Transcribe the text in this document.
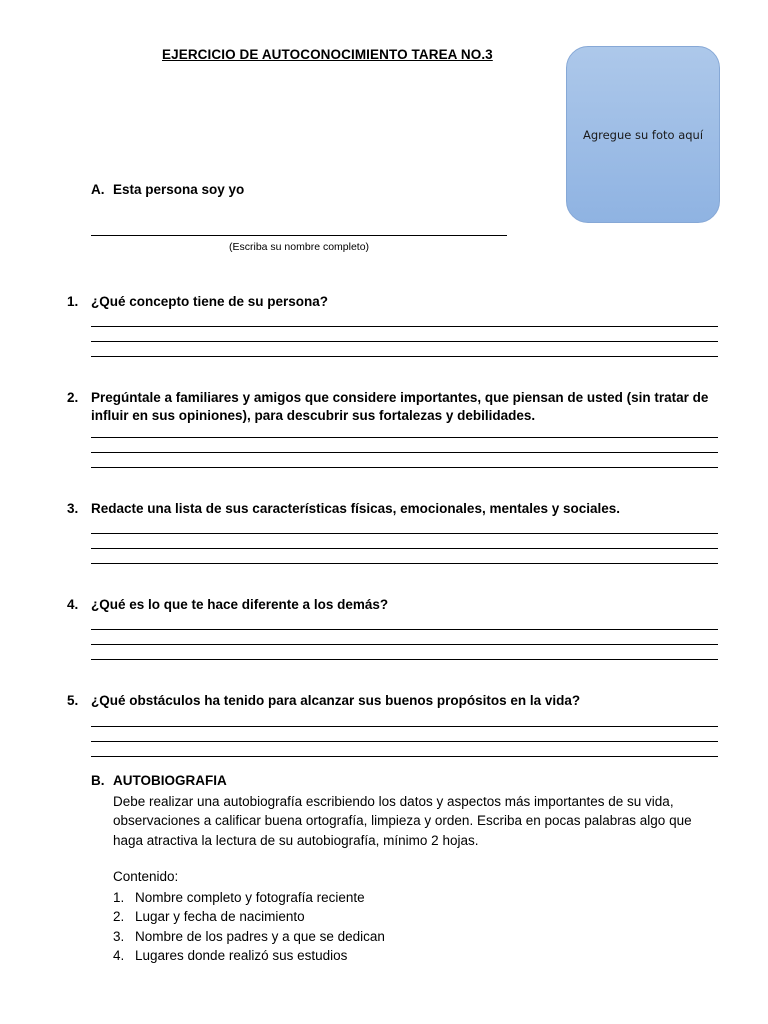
EJERCICIO DE AUTOCONOCIMIENTO TAREA NO.3
Agregue su foto aquí
A. Esta persona soy yo
(Escriba su nombre completo)
1. ¿Qué concepto tiene de su persona?
2. Pregúntale a familiares y amigos que considere importantes, que piensan de usted (sin tratar de influir en sus opiniones), para descubrir sus fortalezas y debilidades.
3. Redacte una lista de sus características físicas, emocionales, mentales y sociales.
4. ¿Qué es lo que te hace diferente a los demás?
5. ¿Qué obstáculos ha tenido para alcanzar sus buenos propósitos en la vida?
B. AUTOBIOGRAFIA
Debe realizar una autobiografía escribiendo los datos y aspectos más importantes de su vida, observaciones a calificar buena ortografía, limpieza y orden. Escriba en pocas palabras algo que haga atractiva la lectura de su autobiografía, mínimo 2 hojas.
Contenido:
1. Nombre completo y fotografía reciente
2. Lugar y fecha de nacimiento
3. Nombre de los padres y a que se dedican
4. Lugares donde realizó sus estudios
